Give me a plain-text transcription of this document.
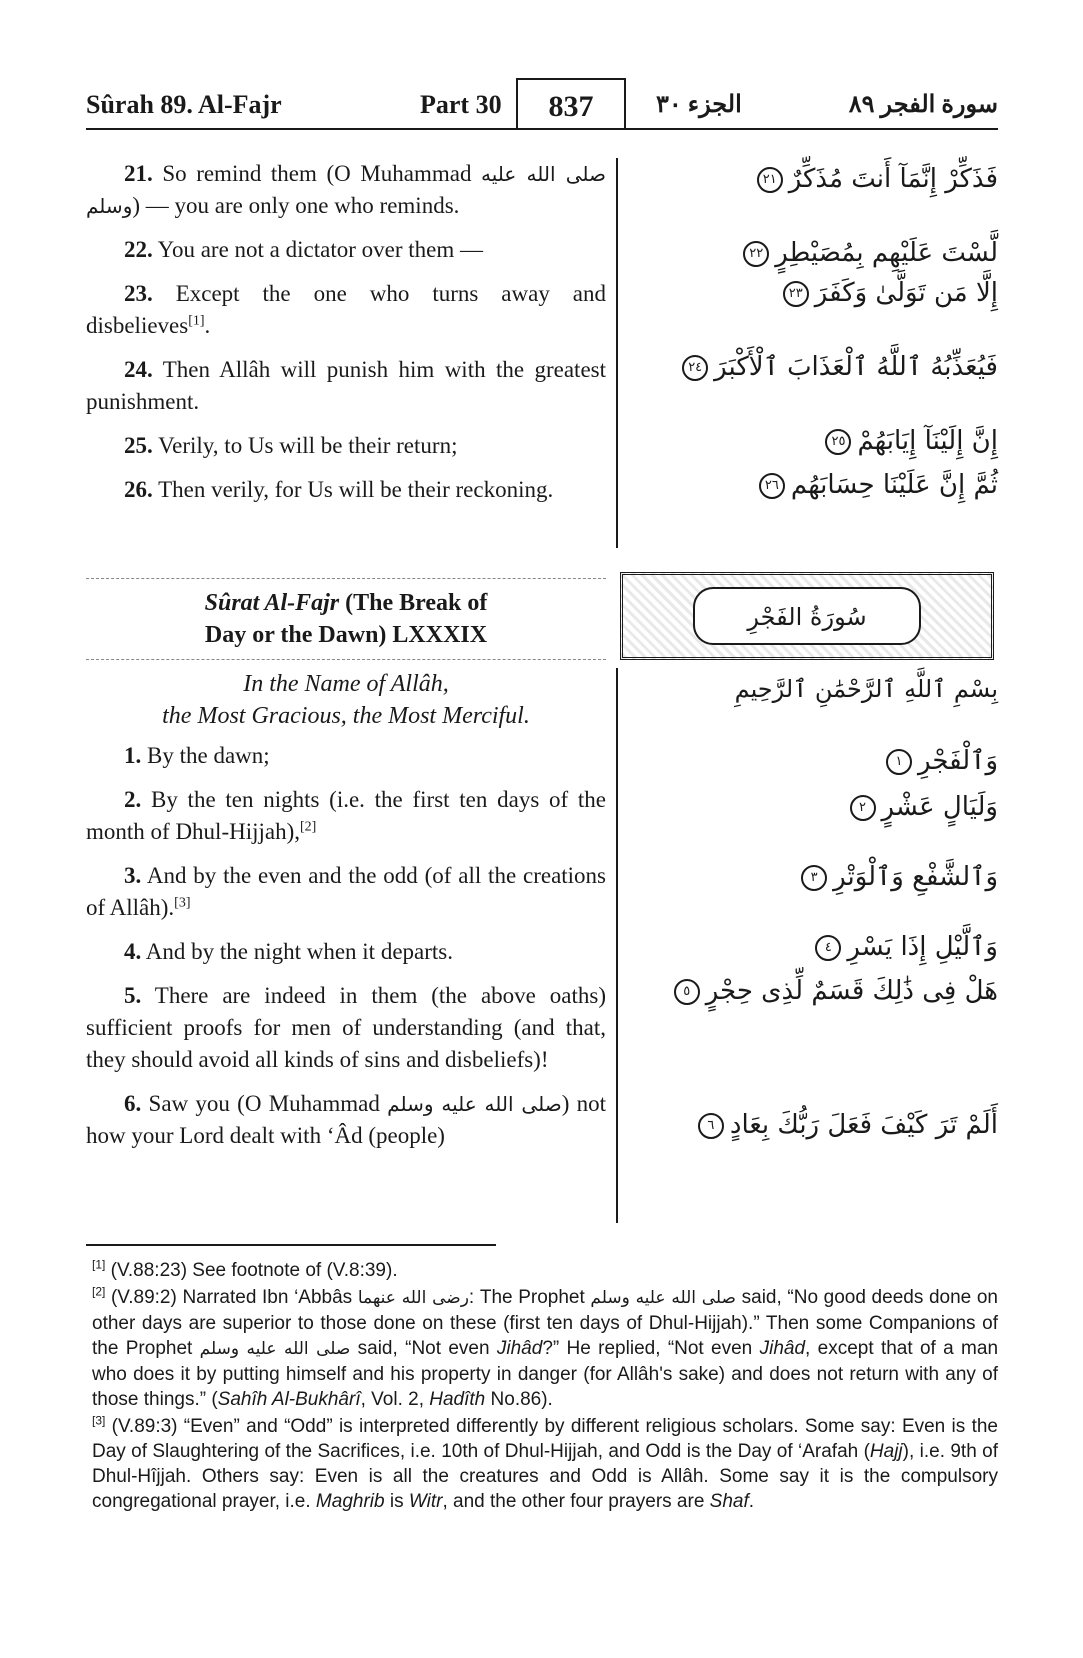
Sûrah 89. Al-Fajr	Part 30	837	الجزء ٣٠	سورة الفجر ٨٩

21. So remind them (O Muhammad صلى الله عليه وسلم) — you are only one who reminds.

22. You are not a dictator over them —

23. Except the one who turns away and disbelieves[1].

24. Then Allâh will punish him with the greatest punishment.

25. Verily, to Us will be their return;

26. Then verily, for Us will be their reckoning.

فَذَكِّرْ إِنَّمَآ أَنتَ مُذَكِّرٌ٢١
لَّسْتَ عَلَيْهِم بِمُصَيْطِرٍ٢٢
إِلَّا مَن تَوَلَّىٰ وَكَفَرَ٢٣
فَيُعَذِّبُهُ ٱللَّهُ ٱلْعَذَابَ ٱلْأَكْبَرَ٢٤
إِنَّ إِلَيْنَآ إِيَابَهُمْ٢٥
ثُمَّ إِنَّ عَلَيْنَا حِسَابَهُم٢٦
Sûrat Al-Fajr (The Break of
Day or the Dawn) LXXXIX
سُورَةُ الفَجْرِ
In the Name of Allâh,
the Most Gracious, the Most Merciful.
بِسْمِ ٱللَّهِ ٱلرَّحْمَٰنِ ٱلرَّحِيمِ

1. By the dawn;

2. By the ten nights (i.e. the first ten days of the month of Dhul-Hijjah),[2]

3. And by the even and the odd (of all the creations of Allâh).[3]

4. And by the night when it departs.

5. There are indeed in them (the above oaths) sufficient proofs for men of understanding (and that, they should avoid all kinds of sins and disbeliefs)!

6. Saw you (O Muhammad صلى الله عليه وسلم) not how your Lord dealt with ‘Âd (people)

وَٱلْفَجْرِ١
وَلَيَالٍ عَشْرٍ٢
وَٱلشَّفْعِ وَٱلْوَتْرِ٣
وَٱلَّيْلِ إِذَا يَسْرِ٤
هَلْ فِى ذَٰلِكَ قَسَمٌ لِّذِى حِجْرٍ٥
أَلَمْ تَرَ كَيْفَ فَعَلَ رَبُّكَ بِعَادٍ٦

[1] (V.88:23) See footnote of (V.8:39).

[2] (V.89:2) Narrated Ibn ‘Abbâs رضى الله عنهما: The Prophet صلى الله عليه وسلم said, “No good deeds done on other days are superior to those done on these (first ten days of Dhul-Hijjah).” Then some Companions of the Prophet صلى الله عليه وسلم said, “Not even Jihâd?” He replied, “Not even Jihâd, except that of a man who does it by putting himself and his property in danger (for Allâh's sake) and does not return with any of those things.” (Sahîh Al-Bukhârî, Vol. 2, Hadîth No.86).

[3] (V.89:3) “Even” and “Odd” is interpreted differently by different religious scholars. Some say: Even is the Day of Slaughtering of the Sacrifices, i.e. 10th of Dhul-Hijjah, and Odd is the Day of ‘Arafah (Hajj), i.e. 9th of Dhul-Hîjjah. Others say: Even is all the creatures and Odd is Allâh. Some say it is the compulsory congregational prayer, i.e. Maghrib is Witr, and the other four prayers are Shaf.
